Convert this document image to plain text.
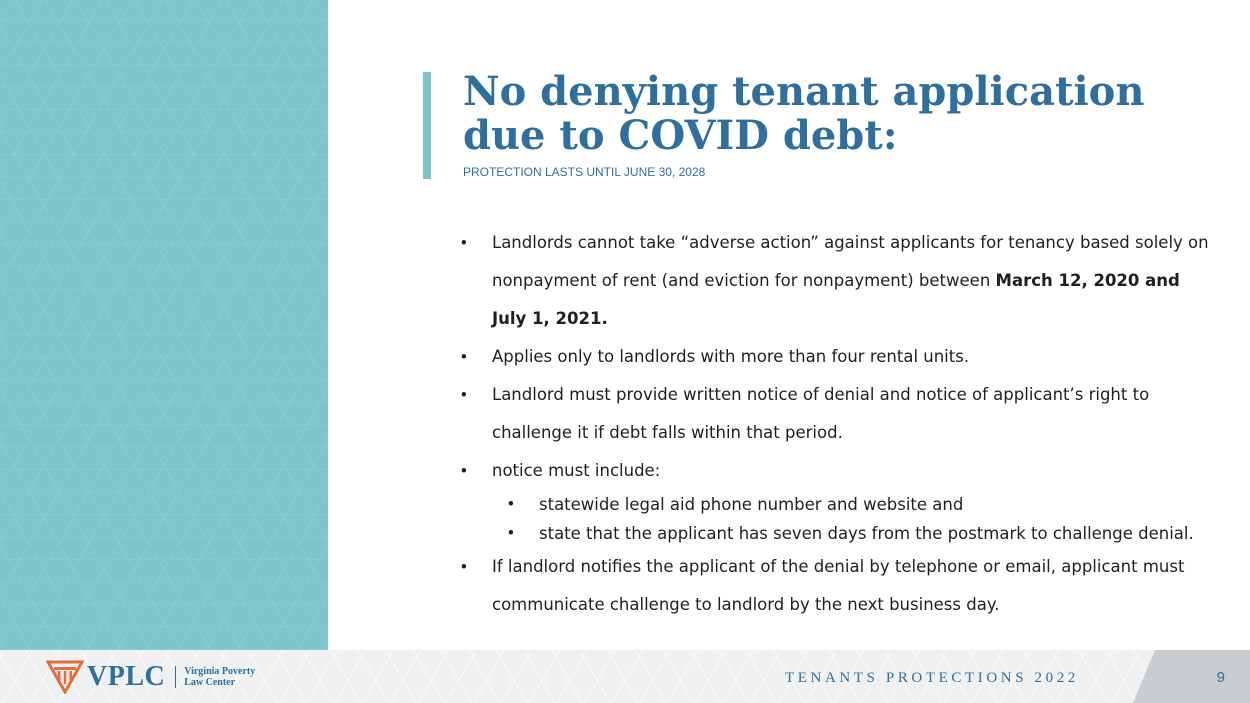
No denying tenant application
due to COVID debt:
PROTECTION LASTS UNTIL JUNE 30, 2028
• Landlords cannot take “adverse action” against applicants for tenancy based solely on nonpayment of rent (and eviction for nonpayment) between March 12, 2020 and July 1, 2021.
• Applies only to landlords with more than four rental units.
• Landlord must provide written notice of denial and notice of applicant’s right to challenge it if debt falls within that period.
• notice must include:
• statewide legal aid phone number and website and
• state that the applicant has seven days from the postmark to challenge denial.
• If landlord notifies the applicant of the denial by telephone or email, applicant must communicate challenge to landlord by the next business day.
9
TENANTS PROTECTIONS 2022
VPLC Virginia Poverty
Law Center
